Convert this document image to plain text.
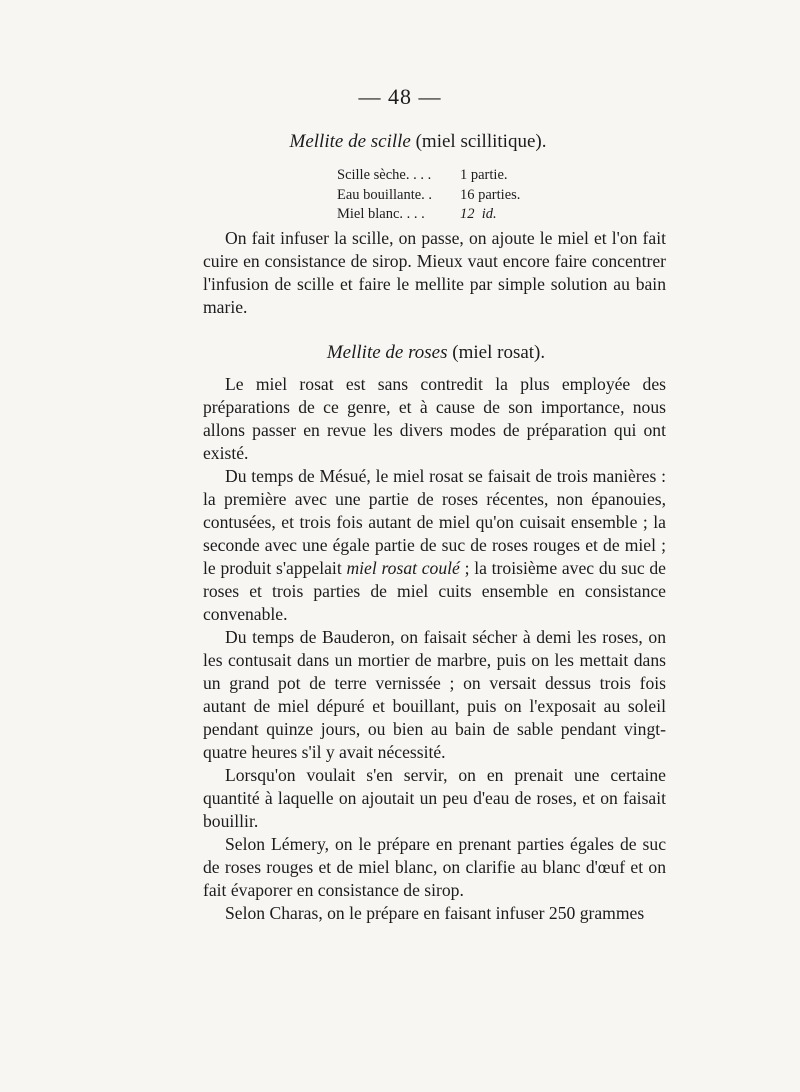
— 48 —
Mellite de scille (miel scillitique).
Scille sèche. . . .	1 partie.
Eau bouillante. .	16 parties.
Miel blanc. . . .	12  id.

On fait infuser la scille, on passe, on ajoute le miel et l'on fait cuire en consistance de sirop. Mieux vaut encore faire concentrer l'infusion de scille et faire le mellite par simple solution au bain marie.

Mellite de roses (miel rosat).

Le miel rosat est sans contredit la plus employée des préparations de ce genre, et à cause de son importance, nous allons passer en revue les divers modes de préparation qui ont existé.

Du temps de Mésué, le miel rosat se faisait de trois manières : la première avec une partie de roses récentes, non épanouies, contusées, et trois fois autant de miel qu'on cuisait ensemble ; la seconde avec une égale partie de suc de roses rouges et de miel ; le produit s'appelait miel rosat coulé ; la troisième avec du suc de roses et trois parties de miel cuits ensemble en consistance convenable.

Du temps de Bauderon, on faisait sécher à demi les roses, on les contusait dans un mortier de marbre, puis on les mettait dans un grand pot de terre vernissée ; on versait dessus trois fois autant de miel dépuré et bouillant, puis on l'exposait au soleil pendant quinze jours, ou bien au bain de sable pendant vingt-quatre heures s'il y avait nécessité.

Lorsqu'on voulait s'en servir, on en prenait une certaine quantité à laquelle on ajoutait un peu d'eau de roses, et on faisait bouillir.

Selon Lémery, on le prépare en prenant parties égales de suc de roses rouges et de miel blanc, on clarifie au blanc d'œuf et on fait évaporer en consistance de sirop.

Selon Charas, on le prépare en faisant infuser 250 grammes
